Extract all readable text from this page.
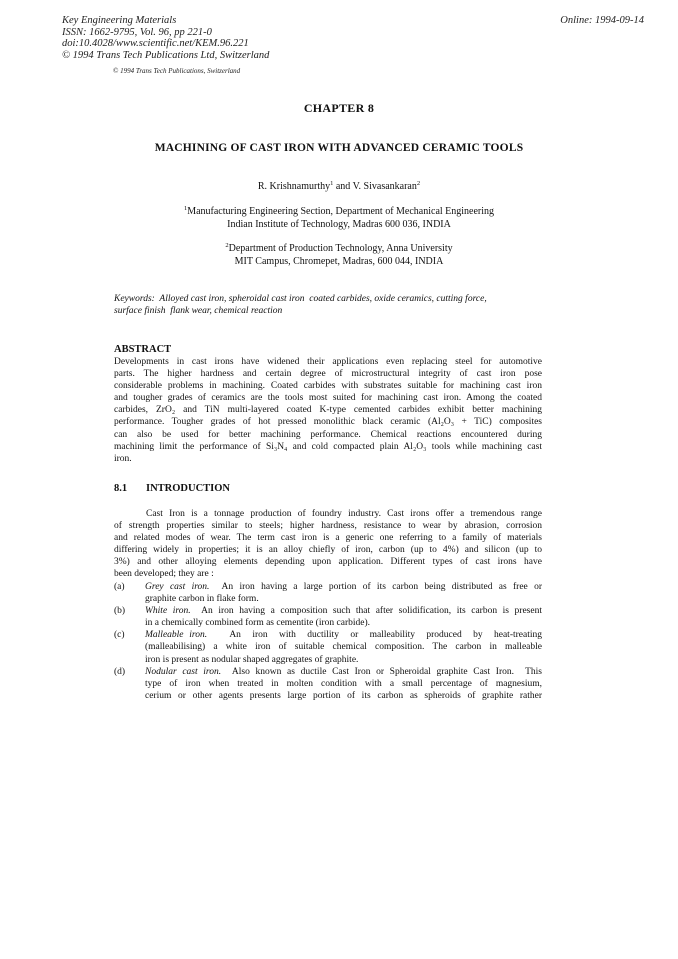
Key Engineering Materials
ISSN: 1662-9795, Vol. 96, pp 221-0
doi:10.4028/www.scientific.net/KEM.96.221
© 1994 Trans Tech Publications Ltd, Switzerland
Online: 1994-09-14
© 1994 Trans Tech Publications, Switzerland
CHAPTER 8
MACHINING OF CAST IRON WITH ADVANCED CERAMIC TOOLS
R. Krishnamurthy$^1$ and V. Sivasankaran$^2$
$^1$Manufacturing Engineering Section, Department of Mechanical Engineering
Indian Institute of Technology, Madras 600 036, INDIA
$^2$Department of Production Technology, Anna University
MIT Campus, Chromepet, Madras, 600 044, INDIA
Keywords:  Alloyed cast iron, spheroidal cast iron  coated carbides, oxide ceramics, cutting force,
surface finish  flank wear, chemical reaction
ABSTRACT
Developments in cast irons have widened their applications even replacing steel for automotive
parts. The higher hardness and certain degree of microstructural integrity of cast iron pose
considerable problems in machining. Coated carbides with substrates suitable for machining cast iron
and tougher grades of ceramics are the tools most suited for machining cast iron. Among the coated
carbides, ZrO₂ and TiN multi-layered coated K-type cemented carbides exhibit better machining
performance. Tougher grades of hot pressed monolithic black ceramic (Al₂O₃ + TiC) composites
can also be used for better machining performance. Chemical reactions encountered during
machining limit the performance of Si₃N₄ and cold compacted plain Al₂O₃ tools while machining cast
iron.
8.1 INTRODUCTION
Cast Iron is a tonnage production of foundry industry. Cast irons offer a tremendous range
of strength properties similar to steels; higher hardness, resistance to wear by abrasion, corrosion
and related modes of wear. The term cast iron is a generic one referring to a family of materials
differing widely in properties; it is an alloy chiefly of iron, carbon (up to 4%) and silicon (up to
3%) and other alloying elements depending upon application. Different types of cast irons have
been developed; they are :
(a) Grey cast iron.  An iron having a large portion of its carbon being distributed as free or
graphite carbon in flake form.
(b) White iron.  An iron having a composition such that after solidification, its carbon is present
in a chemically combined form as cementite (iron carbide).
(c) Malleable iron.    An  iron  with  ductility  or  malleability  produced  by  heat-treating
(malleabilising) a white iron of suitable chemical composition. The carbon in malleable
iron is present as nodular shaped aggregates of graphite.
(d) Nodular cast iron.  Also known as ductile Cast Iron or Spheroidal graphite Cast Iron.  This
type of iron when treated in molten condition with a small percentage of magnesium,
cerium or other agents presents large portion of its carbon as spheroids of graphite rather
